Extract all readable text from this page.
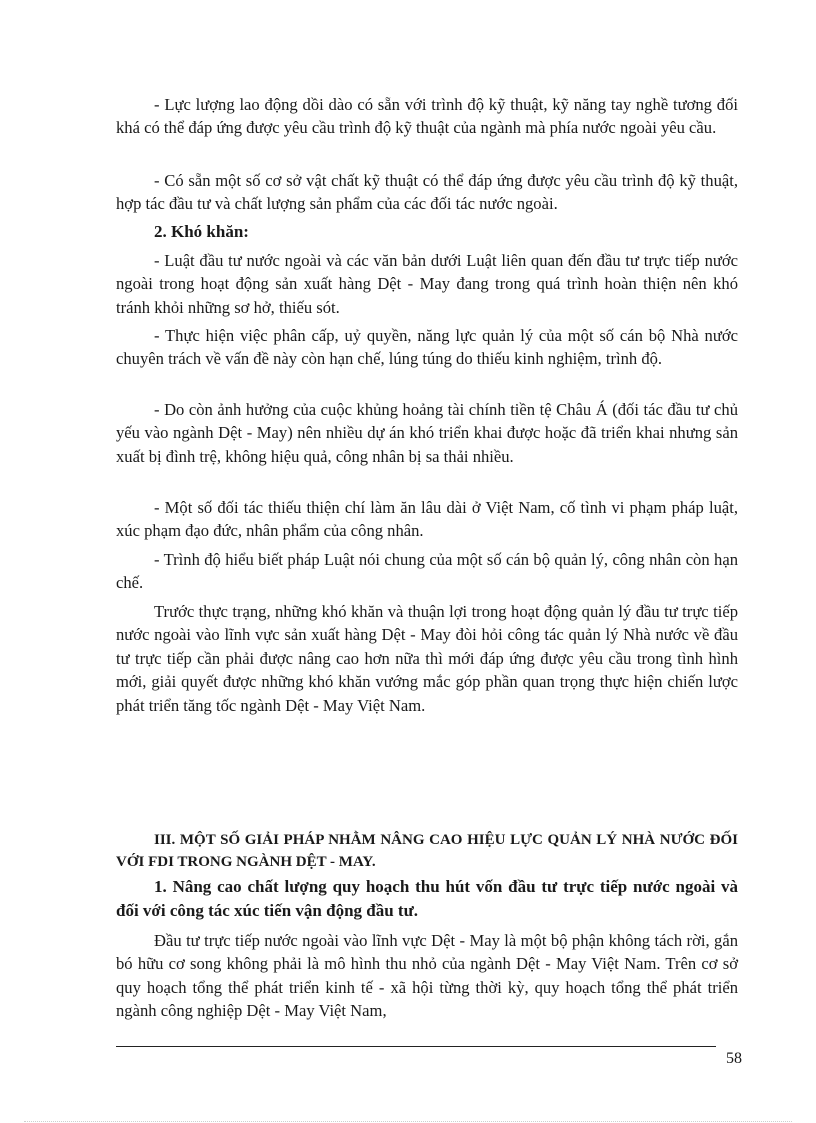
- Lực lượng lao động dồi dào có sẵn với trình độ kỹ thuật, kỹ năng tay nghề tương đối khá có thể đáp ứng được yêu cầu trình độ kỹ thuật của ngành mà phía nước ngoài yêu cầu.

- Có sẵn một số cơ sở vật chất kỹ thuật có thể đáp ứng được yêu cầu trình độ kỹ thuật, hợp tác đầu tư và chất lượng sản phẩm của các đối tác nước ngoài.

2. Khó khăn:

- Luật đầu tư nước ngoài và các văn bản dưới Luật liên quan đến đầu tư trực tiếp nước ngoài trong hoạt động sản xuất hàng Dệt - May đang trong quá trình hoàn thiện nên khó tránh khỏi những sơ hở, thiếu sót.

- Thực hiện việc phân cấp, uỷ quyền, năng lực quản lý của một số cán bộ Nhà nước chuyên trách về vấn đề này còn hạn chế, lúng túng do thiếu kinh nghiệm, trình độ.

- Do còn ảnh hưởng của cuộc khủng hoảng tài chính tiền tệ Châu Á (đối tác đầu tư chủ yếu vào ngành Dệt - May) nên nhiều dự án khó triển khai được hoặc đã triển khai nhưng sản xuất bị đình trệ, không hiệu quả, công nhân bị sa thải nhiều.

- Một số đối tác thiếu thiện chí làm ăn lâu dài ở Việt Nam, cố tình vi phạm pháp luật, xúc phạm đạo đức, nhân phẩm của công nhân.

- Trình độ hiểu biết pháp Luật nói chung của một số cán bộ quản lý, công nhân còn hạn chế.

Trước thực trạng, những khó khăn và thuận lợi trong hoạt động quản lý đầu tư trực tiếp nước ngoài vào lĩnh vực sản xuất hàng Dệt - May đòi hỏi công tác quản lý Nhà nước về đầu tư trực tiếp cần phải được nâng cao hơn nữa thì mới đáp ứng được yêu cầu trong tình hình mới, giải quyết được những khó khăn vướng mắc góp phần quan trọng thực hiện chiến lược phát triển tăng tốc ngành Dệt - May Việt Nam.

III. MỘT SỐ GIẢI PHÁP NHẰM NÂNG CAO HIỆU LỰC QUẢN LÝ NHÀ NƯỚC ĐỐI VỚI FDI TRONG NGÀNH DỆT - MAY.

1. Nâng cao chất lượng quy hoạch thu hút vốn đầu tư trực tiếp nước ngoài và đối với công tác xúc tiến vận động đầu tư.

Đầu tư trực tiếp nước ngoài vào lĩnh vực Dệt - May là một bộ phận không tách rời, gắn bó hữu cơ song không phải là mô hình thu nhỏ của ngành Dệt - May Việt Nam. Trên cơ sở quy hoạch tổng thể phát triển kinh tế - xã hội từng thời kỳ, quy hoạch tổng thể phát triển ngành công nghiệp Dệt - May Việt Nam,

58
